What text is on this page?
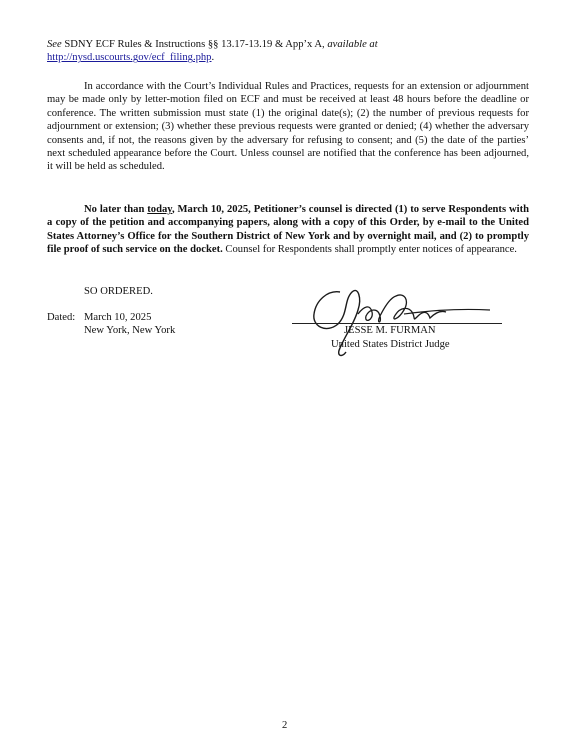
See SDNY ECF Rules & Instructions §§ 13.17-13.19 & App’x A, available at
http://nysd.uscourts.gov/ecf_filing.php.
In accordance with the Court’s Individual Rules and Practices, requests for an extension or adjournment may be made only by letter-motion filed on ECF and must be received at least 48 hours before the deadline or conference. The written submission must state (1) the original date(s); (2) the number of previous requests for adjournment or extension; (3) whether these previous requests were granted or denied; (4) whether the adversary consents and, if not, the reasons given by the adversary for refusing to consent; and (5) the date of the parties’ next scheduled appearance before the Court. Unless counsel are notified that the conference has been adjourned, it will be held as scheduled.
No later than today, March 10, 2025, Petitioner’s counsel is directed (1) to serve Respondents with a copy of the petition and accompanying papers, along with a copy of this Order, by e-mail to the United States Attorney’s Office for the Southern District of New York and by overnight mail, and (2) to promptly file proof of such service on the docket. Counsel for Respondents shall promptly enter notices of appearance.
SO ORDERED.
Dated: March 10, 2025
New York, New York	JESSE M. FURMAN
United States District Judge
2
